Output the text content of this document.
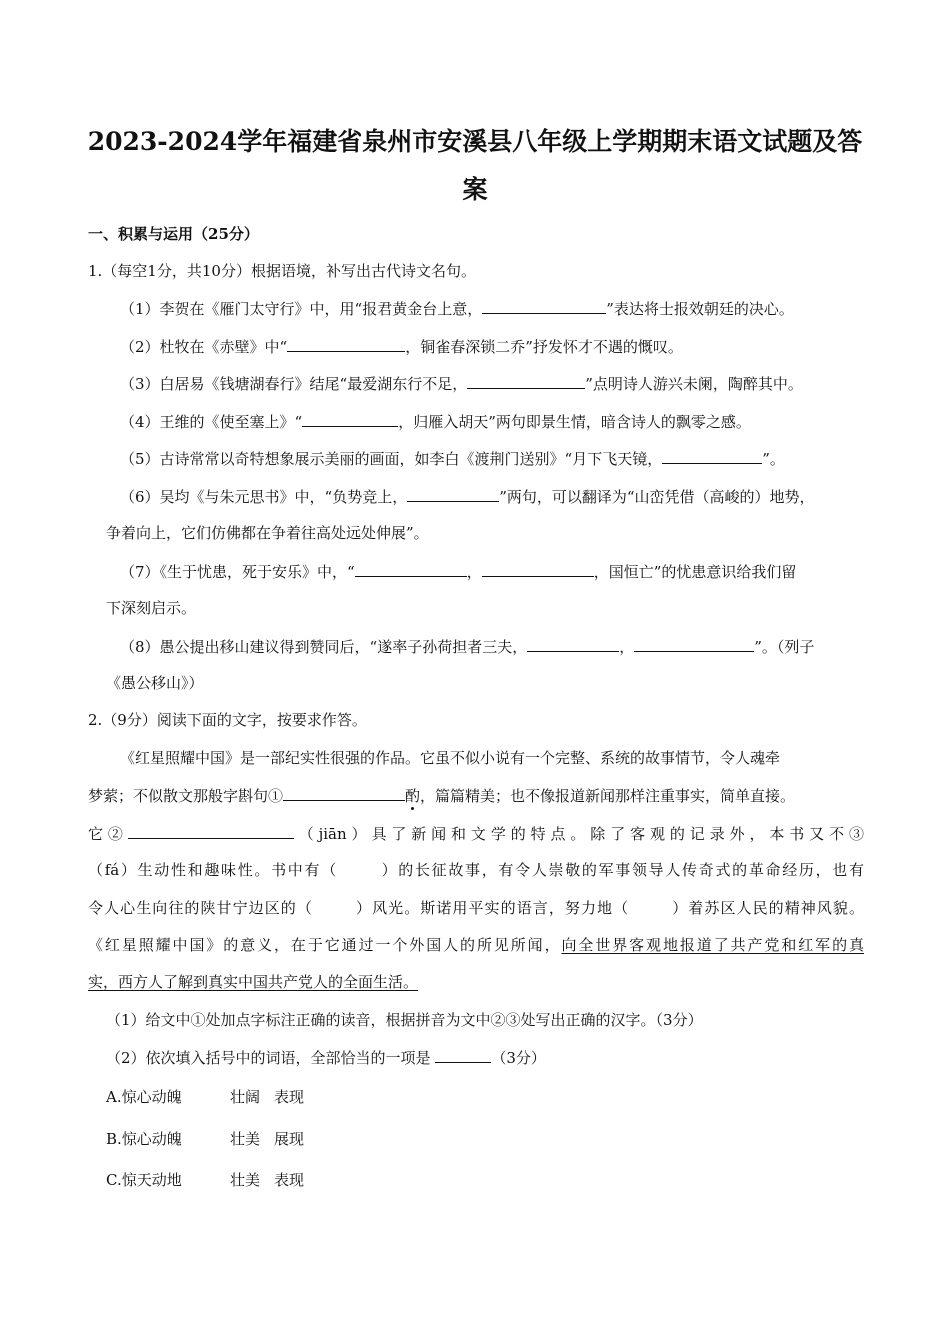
2023-2024学年福建省泉州市安溪县八年级上学期期末语文试题及答
案

一、积累与运用（25分）

1.（每空1分，共10分）根据语境，补写出古代诗文名句。

（1）李贺在《雁门太守行》中，用“报君黄金台上意，	”表达将士报效朝廷的决心。

（2）杜牧在《赤壁》中“	，铜雀春深锁二乔”抒发怀才不遇的慨叹。

（3）白居易《钱塘湖春行》结尾“最爱湖东行不足，	”点明诗人游兴未阑，陶醉其中。

（4）王维的《使至塞上》“	，归雁入胡天”两句即景生情，暗含诗人的飘零之感。

（5）古诗常常以奇特想象展示美丽的画面，如李白《渡荆门送别》“月下飞天镜，	”。

（6）吴均《与朱元思书》中，“负势竞上，	”两句，可以翻译为“山峦凭借（高峻的）地势，

争着向上，它们仿佛都在争着往高处远处伸展”。

（7）《生于忧患，死于安乐》中，“	，	，国恒亡”的忧患意识给我们留

下深刻启示。

（8）愚公提出移山建议得到赞同后，“遂率子孙荷担者三夫，	，	”。（列子

《愚公移山》）

2.（9分）阅读下面的文字，按要求作答。

《红星照耀中国》是一部纪实性很强的作品。它虽不似小说有一个完整、系统的故事情节，令人魂牵

梦萦；不似散文那般字斟句①	酌，篇篇精美；也不像报道新闻那样注重事实，简单直接。

它②	（jiān）具了新闻和文学的特点。除了客观的记录外，本书又不③

（fá）生动性和趣味性。书中有（	）的长征故事，有令人崇敬的军事领导人传奇式的革命经历，也有

令人心生向往的陕甘宁边区的（	）风光。斯诺用平实的语言，努力地（	）着苏区人民的精神风貌。

《红星照耀中国》的意义，在于它通过一个外国人的所见所闻，向全世界客观地报道了共产党和红军的真

实，西方人了解到真实中国共产党人的全面生活。

（1）给文中①处加点字标注正确的读音，根据拼音为文中②③处写出正确的汉字。（3分）

（2）依次填入括号中的词语，全部恰当的一项是	（3分）

A.惊心动魄	壮阔 表现
B.惊心动魄	壮美 展现
C.惊天动地	壮美 表现
